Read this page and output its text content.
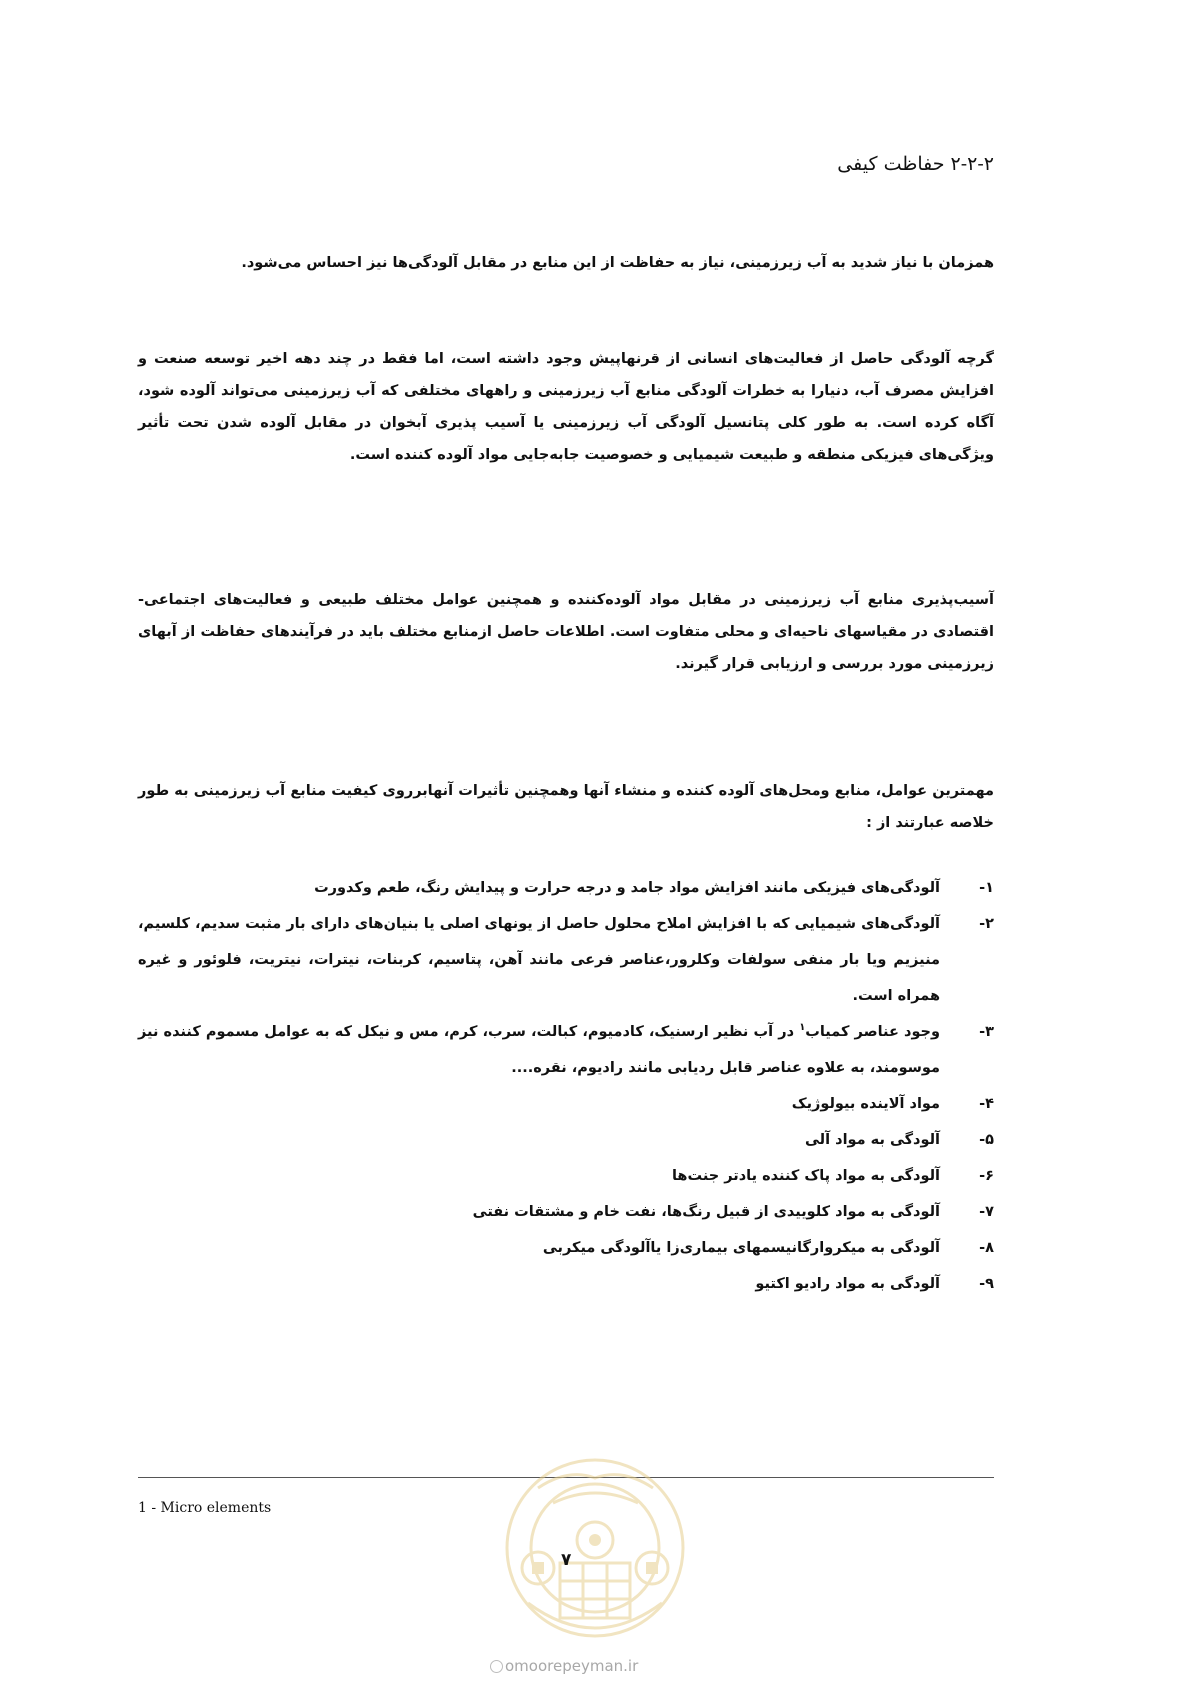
۲-۲-۲ حفاظت کیفی

همزمان با نیاز شدید به آب زیرزمینی، نیاز به حفاظت از این منابع در مقابل آلودگی‌ها نیز احساس می‌شود.

گرچه آلودگی حاصل از فعالیت‌های انسانی از قرنهاپیش وجود داشته است، اما فقط در چند دهه اخیر توسعه صنعت و افزایش مصرف آب، دنیارا به خطرات آلودگی منابع آب زیرزمینی و راههای مختلفی که آب زیرزمینی می‌تواند آلوده شود، آگاه کرده است. به طور کلی پتانسیل آلودگی آب زیرزمینی یا آسیب پذیری آبخوان در مقابل آلوده شدن تحت تأثیر ویژگی‌های فیزیکی منطقه و طبیعت شیمیایی و خصوصیت جابه‌جایی مواد آلوده کننده است.

آسیب‌پذیری منابع آب زیرزمینی در مقابل مواد آلوده‌کننده و همچنین عوامل مختلف طبیعی و فعالیت‌های اجتماعی- اقتصادی در مقیاسهای ناحیه‌ای و محلی متفاوت است. اطلاعات حاصل ازمنابع مختلف باید در فرآیندهای حفاظت از آبهای زیرزمینی مورد بررسی و ارزیابی قرار گیرند.

مهمترین عوامل، منابع ومحل‌های آلوده کننده و منشاء آنها وهمچنین تأثیرات آنهابرروی کیفیت منابع آب زیرزمینی به طور خلاصه عبارتند از :

۱-
آلودگی‌های فیزیکی مانند افزایش مواد جامد و درجه حرارت و پیدایش رنگ، طعم وکدورت
۲-
آلودگی‌های شیمیایی که با افزایش املاح محلول حاصل از یونهای اصلی یا بنیان‌های دارای بار مثبت سدیم، کلسیم، منیزیم ویا بار منفی سولفات وکلرور،عناصر فرعی مانند آهن، پتاسیم، کربنات، نیترات، نیتریت، فلوئور و غیره همراه است.
۳-
وجود عناصر کمیاب$^۱$ در آب نظیر ارسنیک، کادمیوم، کبالت، سرب، کرم، مس و نیکل که به عوامل مسموم کننده نیز موسومند، به علاوه عناصر قابل ردیابی مانند رادیوم، نقره....
۴-
مواد آلاینده بیولوژیک
۵-
آلودگی به مواد آلی
۶-
آلودگی به مواد پاک کننده یادتر جنت‌ها
۷-
آلودگی به مواد کلوییدی از قبیل رنگ‌ها، نفت خام و مشتقات نفتی
۸-
آلودگی به میکروارگانیسمهای بیماری‌زا یاآلودگی میکربی
۹-
آلودگی به مواد رادیو اکتیو
1 - Micro elements
۷
omoorepeyman.ir
